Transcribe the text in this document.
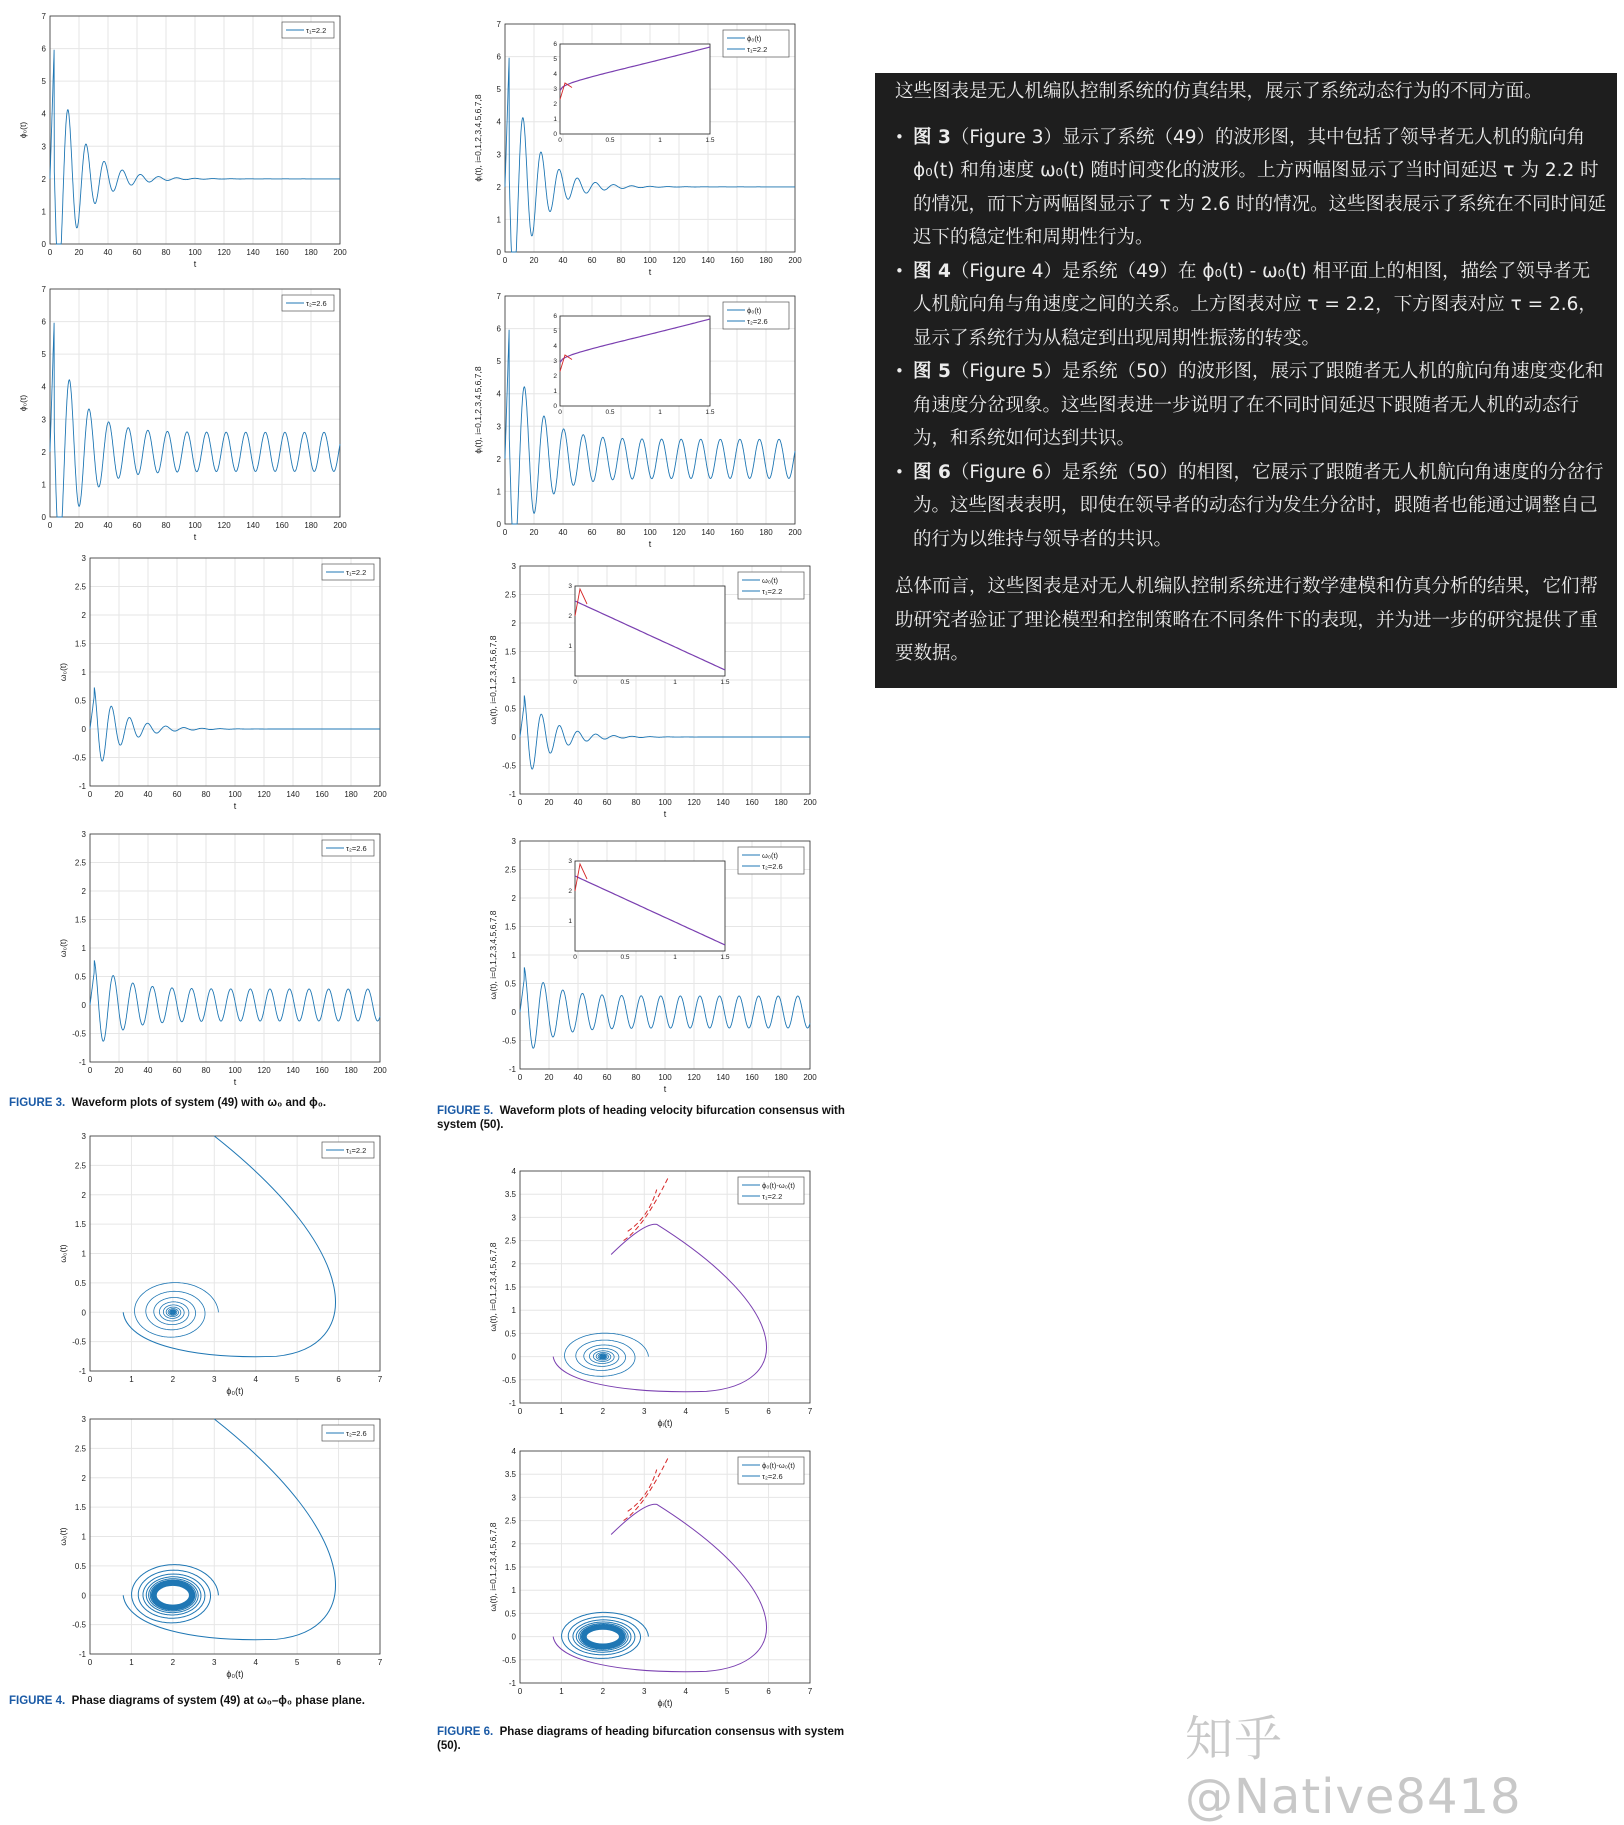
0	20	40	60	80 100 120 140 160 180 200
0
1
2
3
4
5
6
7
t
ϕ₀(t)
τ₁=2.2
0	20	40	60	80 100 120 140 160 180 200
0
1
2
3
4
5
6
7
t
ϕ₀(t)
τ₂=2.6
0	20	40	60	80 100 120 140 160 180 200
-1
-0.5
0
0.5
1
1.5
2
2.5
3
t
ω₀(t)
τ₁=2.2
0	20	40	60	80 100 120 140 160 180 200
-1
-0.5
0
0.5
1
1.5
2
2.5
3
t
ω₀(t)
τ₂=2.6
FIGURE 3. Waveform plots of system (49) with ω₀ and ϕ₀.
0	1	2	3	4	5	6	7
-1
-0.5
0
0.5
1
1.5
2
2.5
3
ϕ₀(t)
ω₀(t)
τ₁=2.2
0	1	2	3	4	5	6	7
-1
-0.5
0
0.5
1
1.5
2
2.5
3
ϕ₀(t)
ω₀(t)
τ₂=2.6
FIGURE 4. Phase diagrams of system (49) at ω₀–ϕ₀ phase plane.
0	20	40	60	80 100 120 140 160 180 200
0
1
2
3
4
5
6
7
t
ϕᵢ(t), i=0,1,2,3,4,5,6,7,8
ϕ₀(t)
τ₁=2.2
0	0.5	1	1.5
0
1
2
3
4
5
6
0	20	40	60	80 100 120 140 160 180 200
0
1
2
3
4
5
6
7
t
ϕᵢ(t), i=0,1,2,3,4,5,6,7,8
ϕ₀(t)
τ₂=2.6
0	0.5	1	1.5
0
1
2
3
4
5
6
0	20	40	60	80 100 120 140 160 180 200
-1
-0.5
0
0.5
1
1.5
2
2.5
3
t
ωᵢ(t), i=0,1,2,3,4,5,6,7,8
ω₀(t)
τ₁=2.2
0	0.5	1	1.5
1
2
3
0	20	40	60	80 100 120 140 160 180 200
-1
-0.5
0
0.5
1
1.5
2
2.5
3
t
ωᵢ(t), i=0,1,2,3,4,5,6,7,8
ω₀(t)
τ₂=2.6
0	0.5	1	1.5
1
2
3
FIGURE 5. Waveform plots of heading velocity bifurcation consensus with system (50).
0	1	2	3	4	5	6	7
-1
-0.5
0
0.5
1
1.5
2
2.5
3
3.5
4
ϕᵢ(t)
ωᵢ(t), i=0,1,2,3,4,5,6,7,8
ϕ₀(t)-ω₀(t)
τ₁=2.2
0	1	2	3	4	5	6	7
-1
-0.5
0
0.5
1
1.5
2
2.5
3
3.5
4
ϕᵢ(t)
ωᵢ(t), i=0,1,2,3,4,5,6,7,8
ϕ₀(t)-ω₀(t)
τ₂=2.6
FIGURE 6. Phase diagrams of heading bifurcation consensus with system (50).

这些图表是无人机编队控制系统的仿真结果，展示了系统动态行为的不同方面。

• 图 3（Figure 3）显示了系统（49）的波形图，其中包括了领导者无人机的航向角 ϕ₀(t) 和角速度 ω₀(t) 随时间变化的波形。上方两幅图显示了当时间延迟 τ 为 2.2 时的情况，而下方两幅图显示了 τ 为 2.6 时的情况。这些图表展示了系统在不同时间延迟下的稳定性和周期性行为。
• 图 4（Figure 4）是系统（49）在 ϕ₀(t) - ω₀(t) 相平面上的相图，描绘了领导者无人机航向角与角速度之间的关系。上方图表对应 τ = 2.2，下方图表对应 τ = 2.6，显示了系统行为从稳定到出现周期性振荡的转变。
• 图 5（Figure 5）是系统（50）的波形图，展示了跟随者无人机的航向角速度变化和角速度分岔现象。这些图表进一步说明了在不同时间延迟下跟随者无人机的动态行为，和系统如何达到共识。
• 图 6（Figure 6）是系统（50）的相图，它展示了跟随者无人机航向角速度的分岔行为。这些图表表明，即使在领导者的动态行为发生分岔时，跟随者也能通过调整自己的行为以维持与领导者的共识。

总体而言，这些图表是对无人机编队控制系统进行数学建模和仿真分析的结果，它们帮助研究者验证了理论模型和控制策略在不同条件下的表现，并为进一步的研究提供了重要数据。

知乎 @Native8418
